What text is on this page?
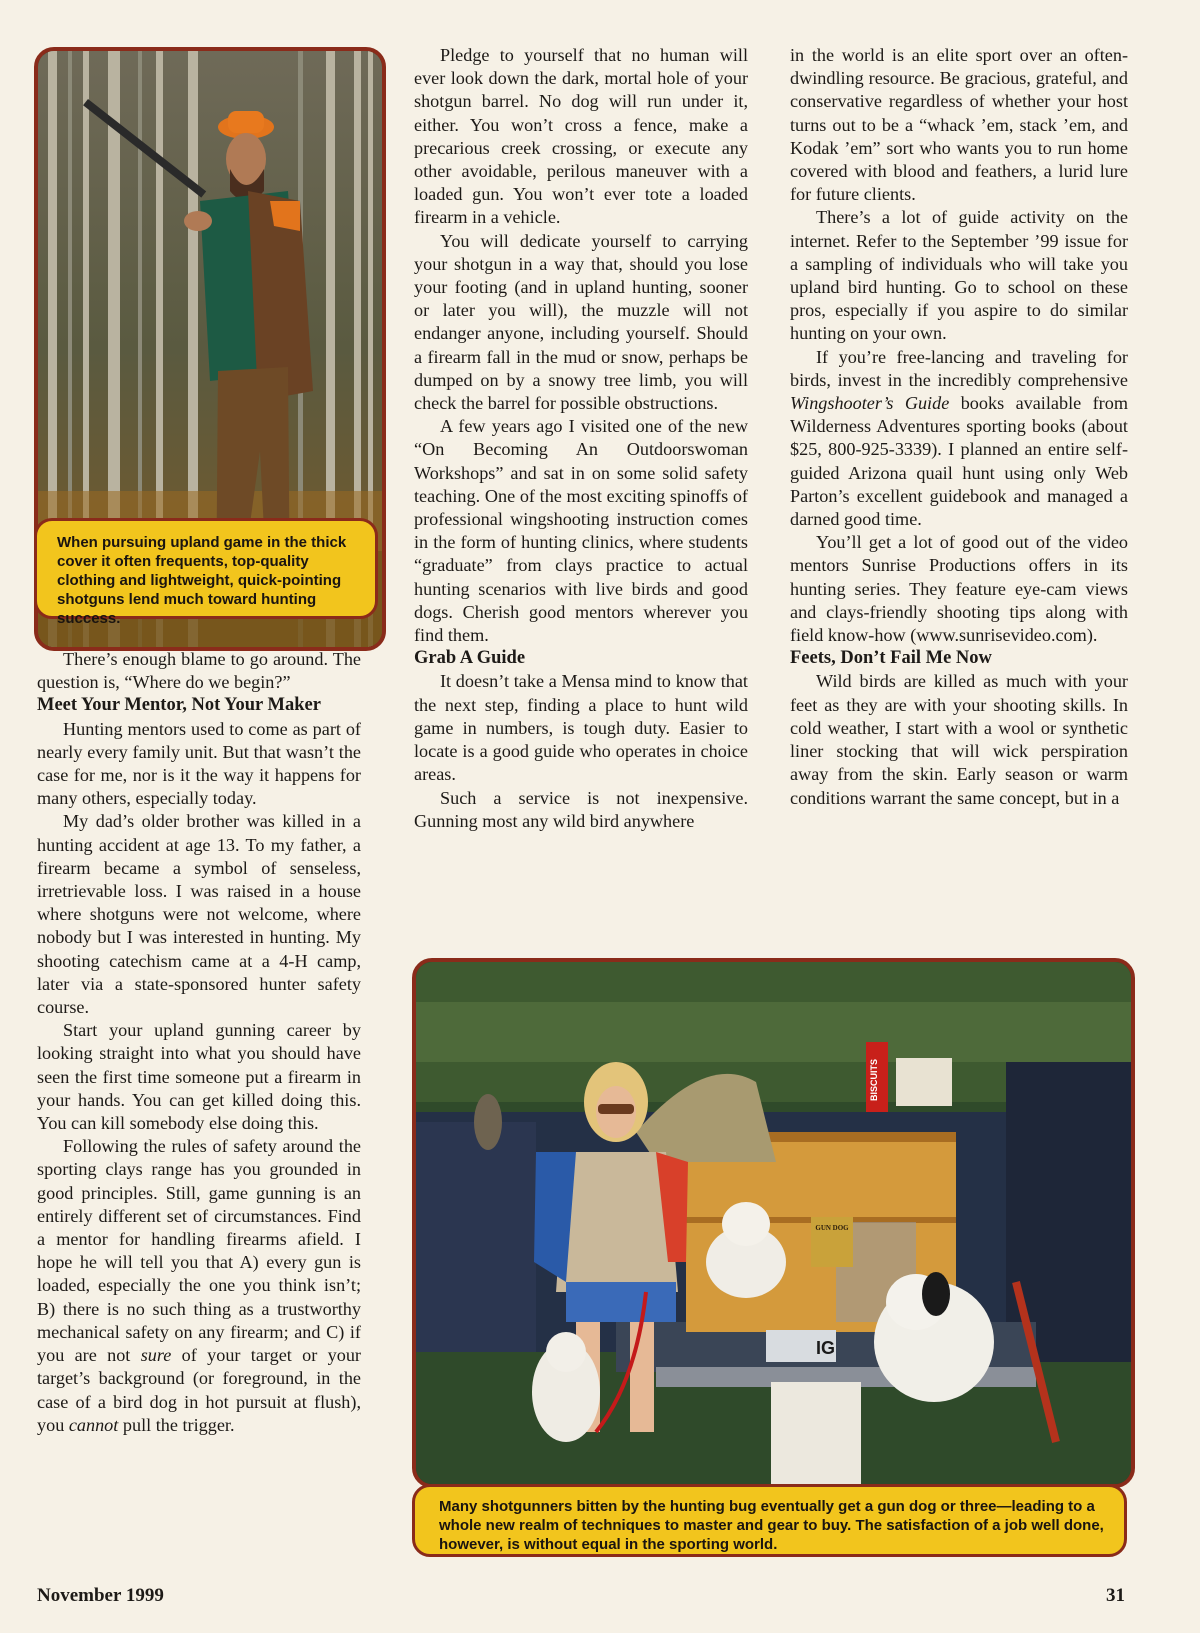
When pursuing upland game in the thick cover it often frequents, top-quality clothing and lightweight, quick-pointing shotguns lend much toward hunting success.

There’s enough blame to go around. The question is, “Where do we begin?”

Meet Your Mentor, Not Your Maker

Hunting mentors used to come as part of nearly every family unit. But that wasn’t the case for me, nor is it the way it happens for many others, especially today.

My dad’s older brother was killed in a hunting accident at age 13. To my father, a firearm became a symbol of senseless, irretrievable loss. I was raised in a house where shotguns were not welcome, where nobody but I was interested in hunting. My shooting catechism came at a 4-H camp, later via a state-sponsored hunter safety course.

Start your upland gunning career by looking straight into what you should have seen the first time someone put a firearm in your hands. You can get killed doing this. You can kill somebody else doing this.

Following the rules of safety around the sporting clays range has you grounded in good principles. Still, game gunning is an entirely different set of circumstances. Find a mentor for handling firearms afield. I hope he will tell you that A) every gun is loaded, especially the one you think isn’t; B) there is no such thing as a trustworthy mechanical safety on any firearm; and C) if you are not sure of your target or your target’s background (or foreground, in the case of a bird dog in hot pursuit at flush), you cannot pull the trigger.

Pledge to yourself that no human will ever look down the dark, mortal hole of your shotgun barrel. No dog will run under it, either. You won’t cross a fence, make a precarious creek crossing, or execute any other avoidable, perilous maneuver with a loaded gun. You won’t ever tote a loaded firearm in a vehicle.

You will dedicate yourself to carrying your shotgun in a way that, should you lose your footing (and in upland hunting, sooner or later you will), the muzzle will not endanger anyone, including yourself. Should a firearm fall in the mud or snow, perhaps be dumped on by a snowy tree limb, you will check the barrel for possible obstructions.

A few years ago I visited one of the new “On Becoming An Outdoorswoman Workshops” and sat in on some solid safety teaching. One of the most exciting spinoffs of professional wingshooting instruction comes in the form of hunting clinics, where students “graduate” from clays practice to actual hunting scenarios with live birds and good dogs. Cherish good mentors wherever you find them.

Grab A Guide

It doesn’t take a Mensa mind to know that the next step, finding a place to hunt wild game in numbers, is tough duty. Easier to locate is a good guide who operates in choice areas.

Such a service is not inexpensive. Gunning most any wild bird anywhere

in the world is an elite sport over an often-dwindling resource. Be gracious, grateful, and conservative regardless of whether your host turns out to be a “whack ’em, stack ’em, and Kodak ’em” sort who wants you to run home covered with blood and feathers, a lurid lure for future clients.

There’s a lot of guide activity on the internet. Refer to the September ’99 issue for a sampling of individuals who will take you upland bird hunting. Go to school on these pros, especially if you aspire to do similar hunting on your own.

If you’re free-lancing and traveling for birds, invest in the incredibly comprehensive Wingshooter’s Guide books available from Wilderness Adventures sporting books (about $25, 800-925-3339). I planned an entire self-guided Arizona quail hunt using only Web Parton’s excellent guidebook and managed a darned good time.

You’ll get a lot of good out of the video mentors Sunrise Productions offers in its hunting series. They feature eye-cam views and clays-friendly shooting tips along with field know-how (www.sunrisevideo.com).

Feets, Don’t Fail Me Now

Wild birds are killed as much with your feet as they are with your shooting skills. In cold weather, I start with a wool or synthetic liner stocking that will wick perspiration away from the skin. Early season or warm conditions warrant the same concept, but in a

BISCUITS
GUN DOG
IG
Many shotgunners bitten by the hunting bug eventually get a gun dog or three—leading to a whole new realm of techniques to master and gear to buy. The satisfaction of a job well done, however, is without equal in the sporting world.
November 1999	31
